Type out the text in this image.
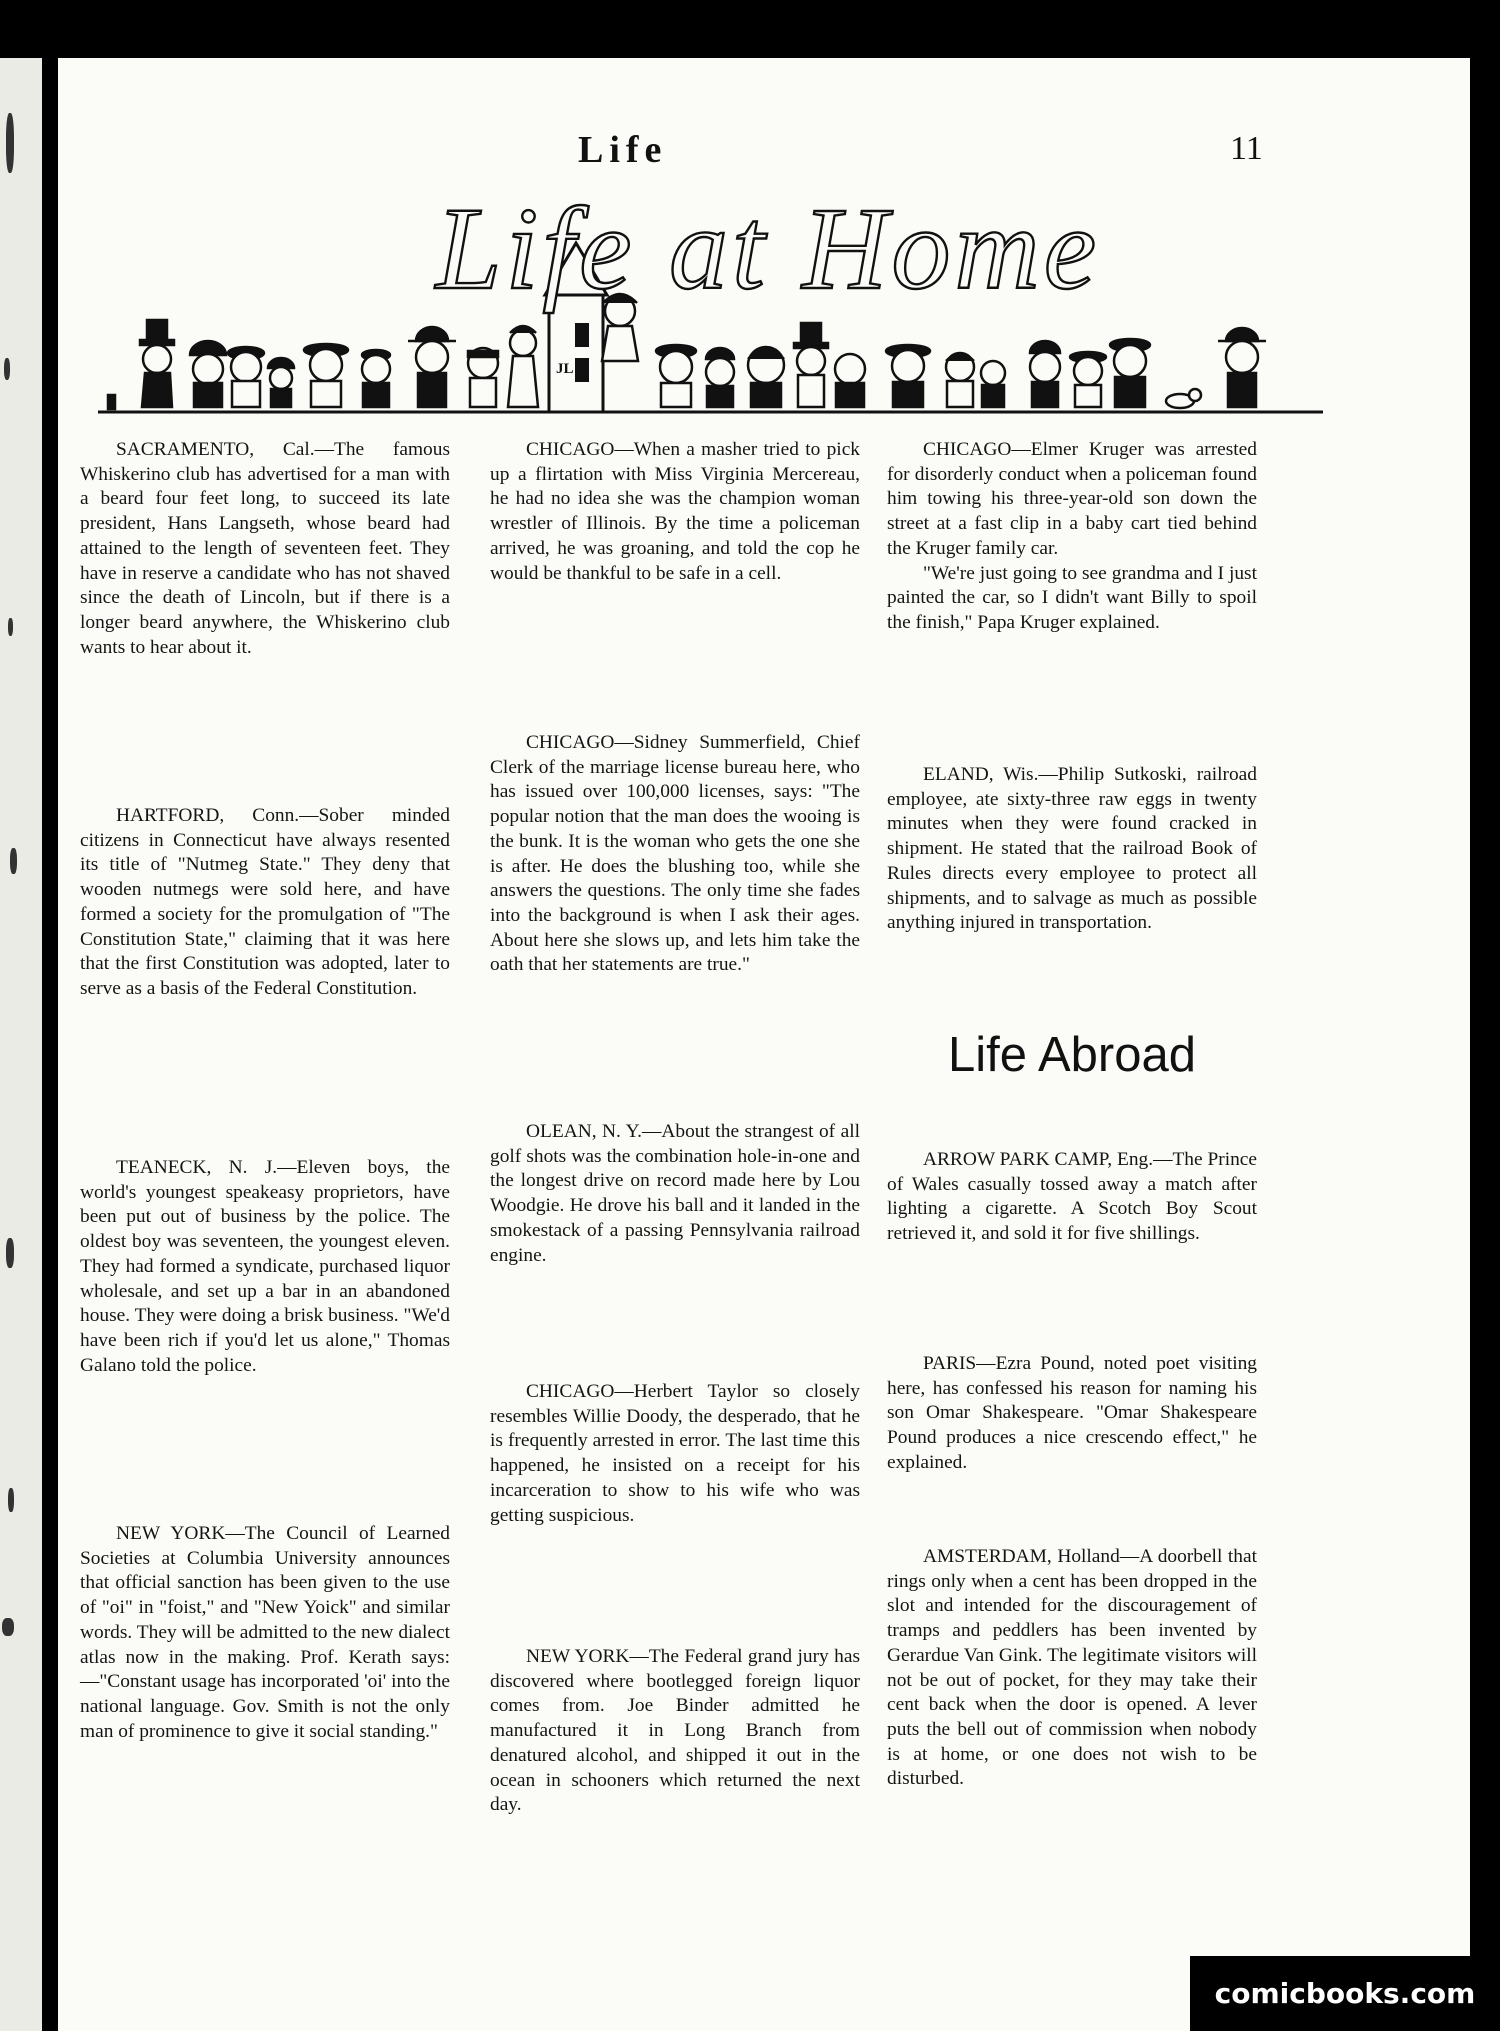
Life	11
JL
Life at Home

SACRAMENTO, Cal.—The famous Whiskerino club has advertised for a man with a beard four feet long, to succeed its late president, Hans Langseth, whose beard had attained to the length of seventeen feet. They have in reserve a candidate who has not shaved since the death of Lincoln, but if there is a longer beard anywhere, the Whiskerino club wants to hear about it.

HARTFORD, Conn.—Sober minded citizens in Connecticut have always resented its title of "Nutmeg State." They deny that wooden nutmegs were sold here, and have formed a society for the promulgation of "The Constitution State," claiming that it was here that the first Constitution was adopted, later to serve as a basis of the Federal Constitution.

TEANECK, N. J.—Eleven boys, the world's youngest speakeasy proprietors, have been put out of business by the police. The oldest boy was seventeen, the youngest eleven. They had formed a syndicate, purchased liquor wholesale, and set up a bar in an abandoned house. They were doing a brisk business. "We'd have been rich if you'd let us alone," Thomas Galano told the police.

NEW YORK—The Council of Learned Societies at Columbia University announces that official sanction has been given to the use of "oi" in "foist," and "New Yoick" and similar words. They will be admitted to the new dialect atlas now in the making. Prof. Kerath says:—"Constant usage has incorporated 'oi' into the national language. Gov. Smith is not the only man of prominence to give it social standing."

CHICAGO—When a masher tried to pick up a flirtation with Miss Virginia Mercereau, he had no idea she was the champion woman wrestler of Illinois. By the time a policeman arrived, he was groaning, and told the cop he would be thankful to be safe in a cell.

CHICAGO—Sidney Summerfield, Chief Clerk of the marriage license bureau here, who has issued over 100,000 licenses, says: "The popular notion that the man does the wooing is the bunk. It is the woman who gets the one she is after. He does the blushing too, while she answers the questions. The only time she fades into the background is when I ask their ages. About here she slows up, and lets him take the oath that her statements are true."

OLEAN, N. Y.—About the strangest of all golf shots was the combination hole-in-one and the longest drive on record made here by Lou Woodgie. He drove his ball and it landed in the smokestack of a passing Pennsylvania railroad engine.

CHICAGO—Herbert Taylor so closely resembles Willie Doody, the desperado, that he is frequently arrested in error. The last time this happened, he insisted on a receipt for his incarceration to show to his wife who was getting suspicious.

NEW YORK—The Federal grand jury has discovered where bootlegged foreign liquor comes from. Joe Binder admitted he manufactured it in Long Branch from denatured alcohol, and shipped it out in the ocean in schooners which returned the next day.

CHICAGO—Elmer Kruger was arrested for disorderly conduct when a policeman found him towing his three-year-old son down the street at a fast clip in a baby cart tied behind the Kruger family car.

"We're just going to see grandma and I just painted the car, so I didn't want Billy to spoil the finish," Papa Kruger explained.

ELAND, Wis.—Philip Sutkoski, railroad employee, ate sixty-three raw eggs in twenty minutes when they were found cracked in shipment. He stated that the railroad Book of Rules directs every employee to protect all shipments, and to salvage as much as possible anything injured in transportation.

Life Abroad

ARROW PARK CAMP, Eng.—The Prince of Wales casually tossed away a match after lighting a cigarette. A Scotch Boy Scout retrieved it, and sold it for five shillings.

PARIS—Ezra Pound, noted poet visiting here, has confessed his reason for naming his son Omar Shakespeare. "Omar Shakespeare Pound produces a nice crescendo effect," he explained.

AMSTERDAM, Holland—A doorbell that rings only when a cent has been dropped in the slot and intended for the discouragement of tramps and peddlers has been invented by Gerardue Van Gink. The legitimate visitors will not be out of pocket, for they may take their cent back when the door is opened. A lever puts the bell out of commission when nobody is at home, or one does not wish to be disturbed.

comicbooks.com
